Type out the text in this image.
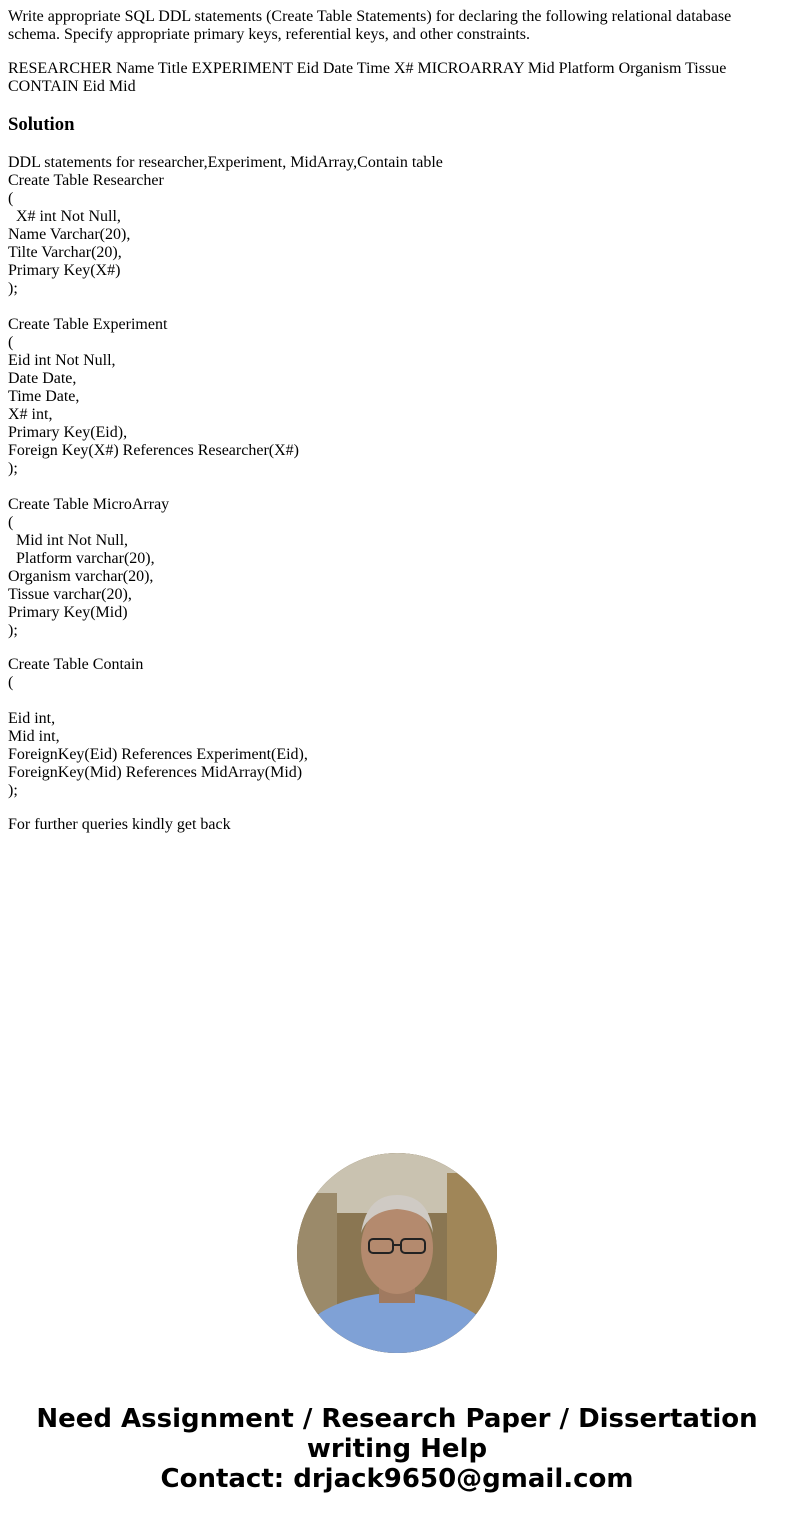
Write appropriate SQL DDL statements (Create Table Statements) for declaring the following relational database schema. Specify appropriate primary keys, referential keys, and other constraints.

RESEARCHER Name Title EXPERIMENT Eid Date Time X# MICROARRAY Mid Platform Organism Tissue CONTAIN Eid Mid

Solution

DDL statements for researcher,Experiment, MidArray,Contain table
Create Table Researcher
(
X# int Not Null,
Name Varchar(20),
Tilte Varchar(20),
Primary Key(X#)
);
Create Table Experiment
(
Eid int Not Null,
Date Date,
Time Date,
X# int,
Primary Key(Eid),
Foreign Key(X#) References Researcher(X#)
);
Create Table MicroArray
(
Mid int Not Null,
Platform varchar(20),
Organism varchar(20),
Tissue varchar(20),
Primary Key(Mid)
);

Create Table Contain
(
Eid int,
Mid int,
ForeignKey(Eid) References Experiment(Eid),
ForeignKey(Mid) References MidArray(Mid)
);

For further queries kindly get back

Need Assignment / Research Paper / Dissertation
writing Help
Contact: drjack9650@gmail.com
